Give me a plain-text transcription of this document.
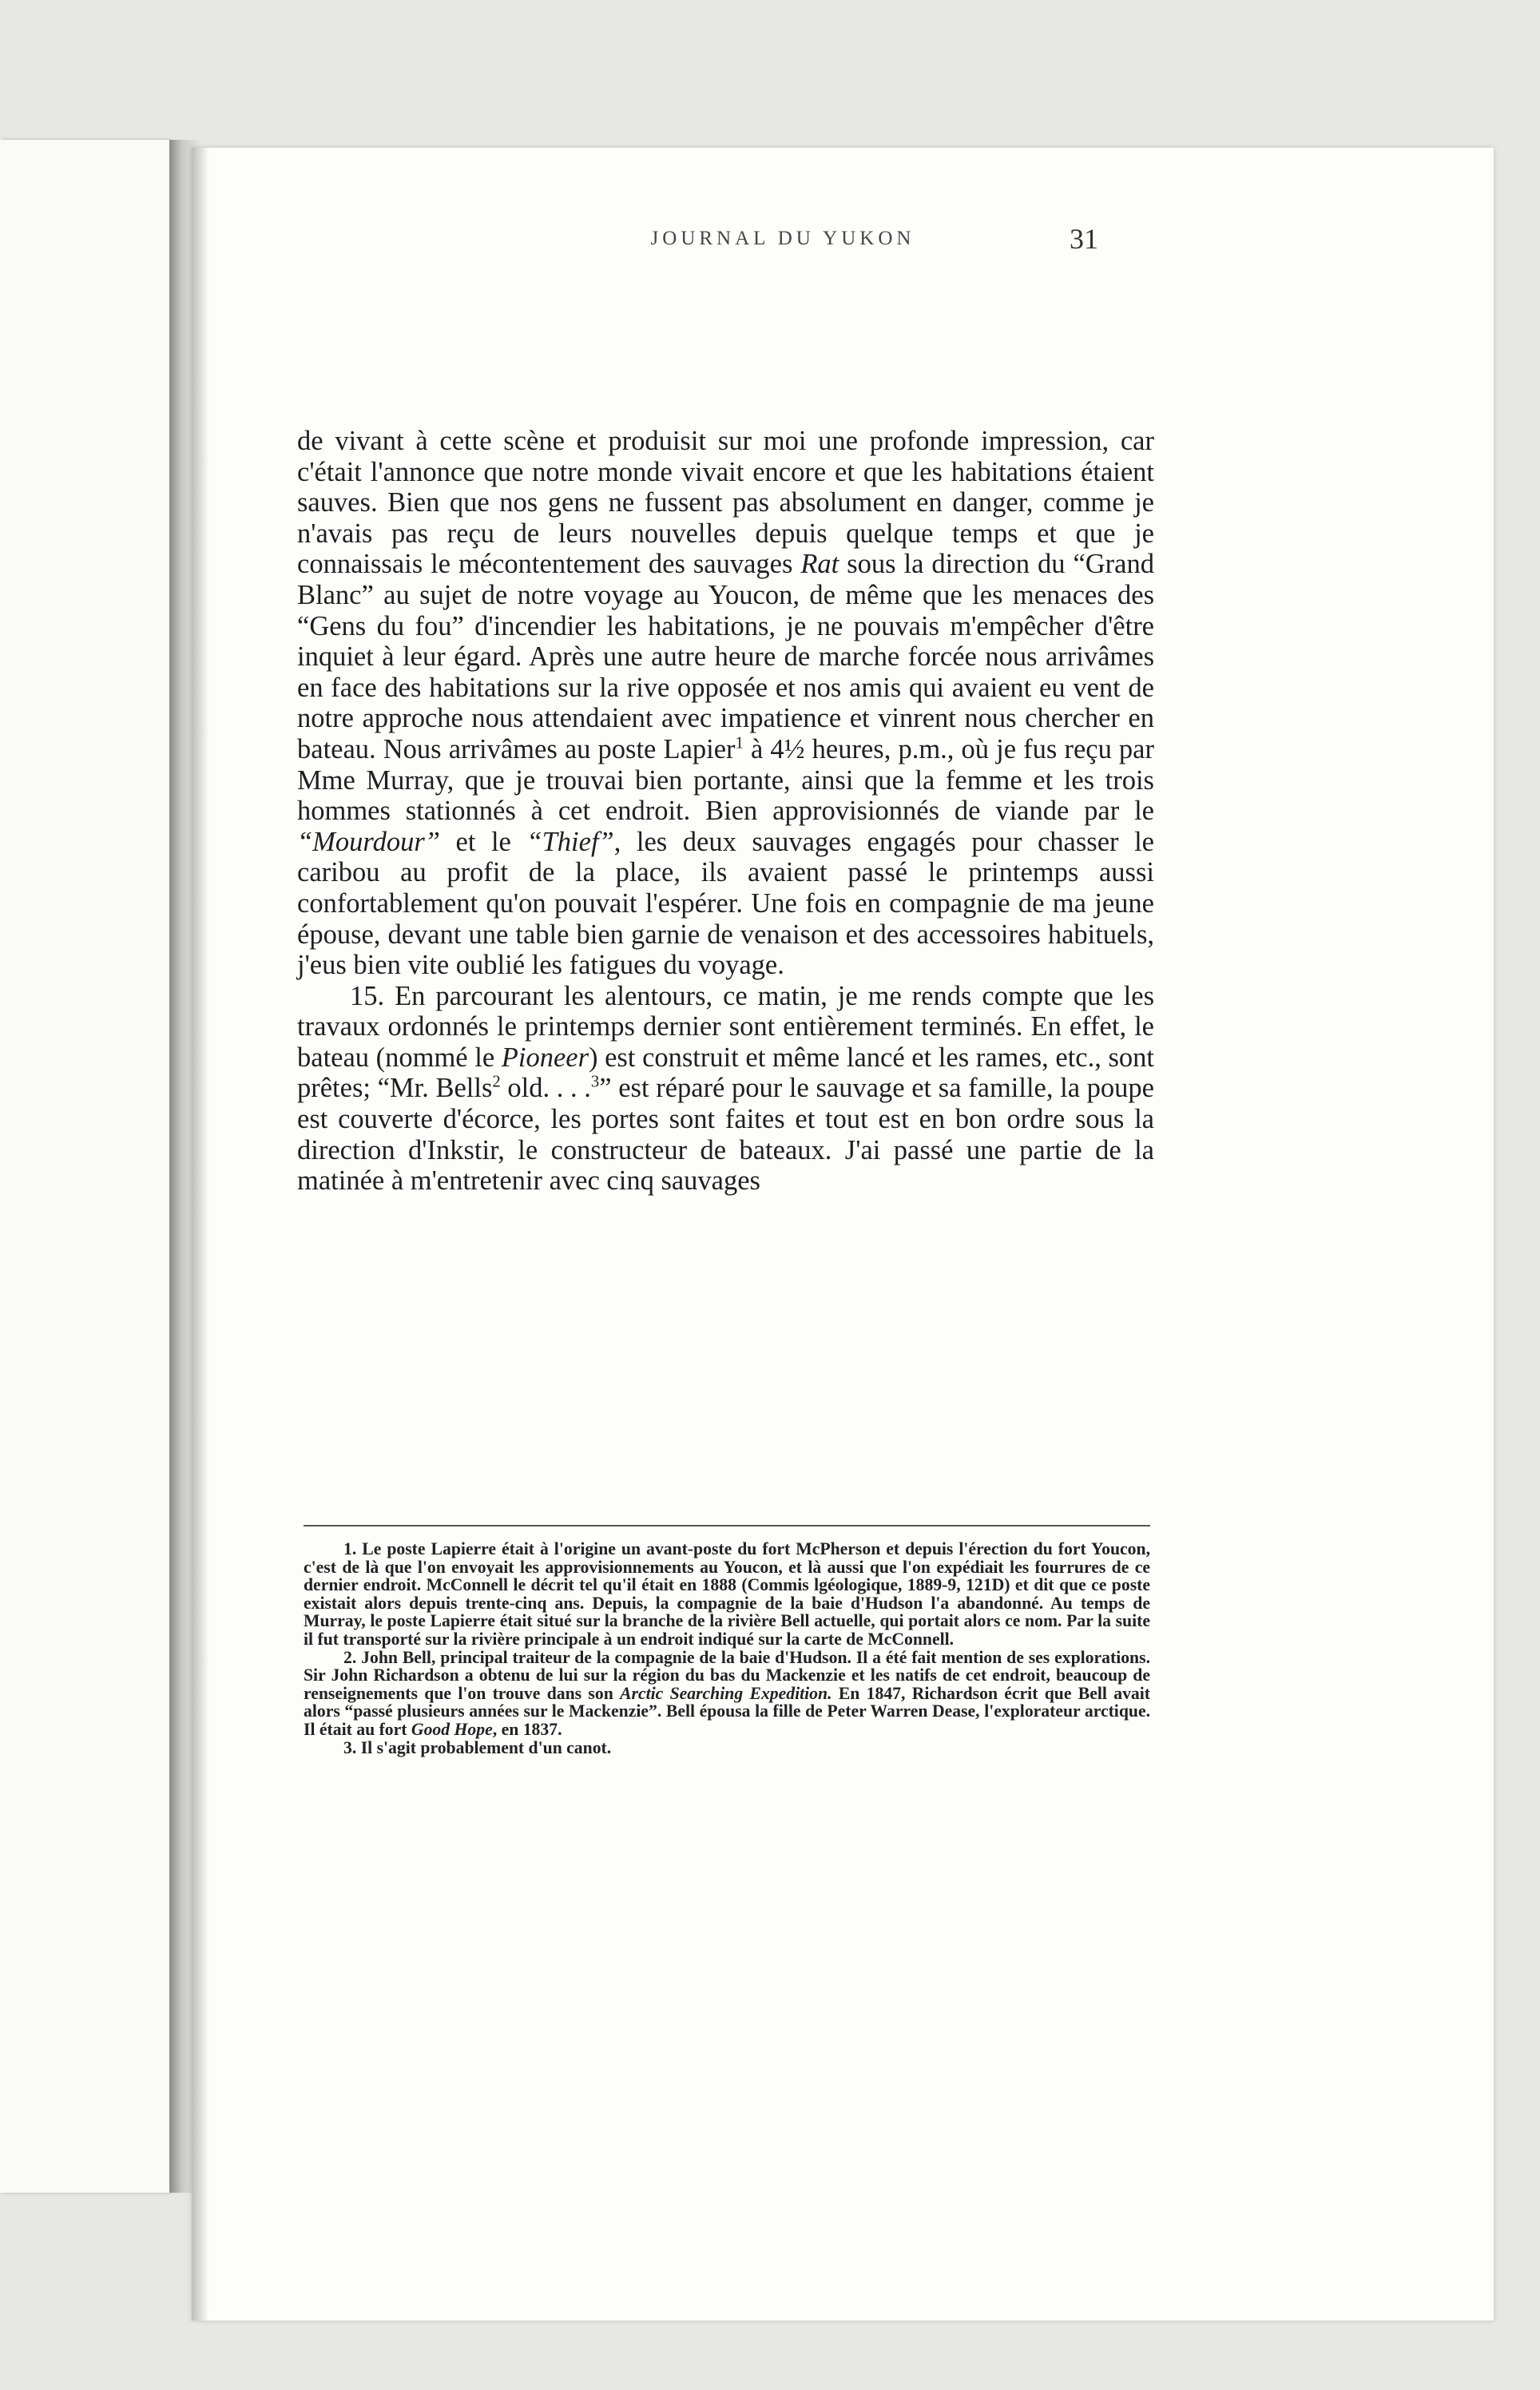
JOURNAL DU YUKON	31

de vivant à cette scène et produisit sur moi une profonde impression, car c'était l'annonce que notre monde vivait encore et que les habitations étaient sauves. Bien que nos gens ne fussent pas absolument en danger, comme je n'avais pas reçu de leurs nouvelles depuis quelque temps et que je connaissais le mécontentement des sauvages Rat sous la direction du “Grand Blanc” au sujet de notre voyage au Youcon, de même que les menaces des “Gens du fou” d'incendier les habitations, je ne pouvais m'empêcher d'être inquiet à leur égard. Après une autre heure de marche forcée nous arrivâmes en face des habitations sur la rive opposée et nos amis qui avaient eu vent de notre approche nous attendaient avec impatience et vinrent nous chercher en bateau. Nous arrivâmes au poste Lapier$^1$ à 4½ heures, p.m., où je fus reçu par Mme Murray, que je trouvai bien portante, ainsi que la femme et les trois hommes stationnés à cet endroit. Bien approvisionnés de viande par le “Mourdour” et le “Thief”, les deux sauvages engagés pour chasser le caribou au profit de la place, ils avaient passé le printemps aussi confortablement qu'on pouvait l'espérer. Une fois en compagnie de ma jeune épouse, devant une table bien garnie de venaison et des accessoires habituels, j'eus bien vite oublié les fatigues du voyage.

15. En parcourant les alentours, ce matin, je me rends compte que les travaux ordonnés le printemps dernier sont entièrement terminés. En effet, le bateau (nommé le Pioneer) est construit et même lancé et les rames, etc., sont prêtes; “Mr. Bells$^2$ old. . . .$^3$” est réparé pour le sauvage et sa famille, la poupe est couverte d'écorce, les portes sont faites et tout est en bon ordre sous la direction d'Inkstir, le constructeur de bateaux. J'ai passé une partie de la matinée à m'entretenir avec cinq sauvages

1. Le poste Lapierre était à l'origine un avant-poste du fort McPherson et depuis l'érection du fort Youcon, c'est de là que l'on envoyait les approvisionnements au Youcon, et là aussi que l'on expédiait les fourrures de ce dernier endroit. McConnell le décrit tel qu'il était en 1888 (Commis lgéologique, 1889-9, 121D) et dit que ce poste existait alors depuis trente-cinq ans. Depuis, la compagnie de la baie d'Hudson l'a abandonné. Au temps de Murray, le poste Lapierre était situé sur la branche de la rivière Bell actuelle, qui portait alors ce nom. Par la suite il fut transporté sur la rivière principale à un endroit indiqué sur la carte de McConnell.

2. John Bell, principal traiteur de la compagnie de la baie d'Hudson. Il a été fait mention de ses explorations. Sir John Richardson a obtenu de lui sur la région du bas du Mackenzie et les natifs de cet endroit, beaucoup de renseignements que l'on trouve dans son Arctic Searching Expedition. En 1847, Richardson écrit que Bell avait alors “passé plusieurs années sur le Mackenzie”. Bell épousa la fille de Peter Warren Dease, l'explorateur arctique. Il était au fort Good Hope, en 1837.

3. Il s'agit probablement d'un canot.
